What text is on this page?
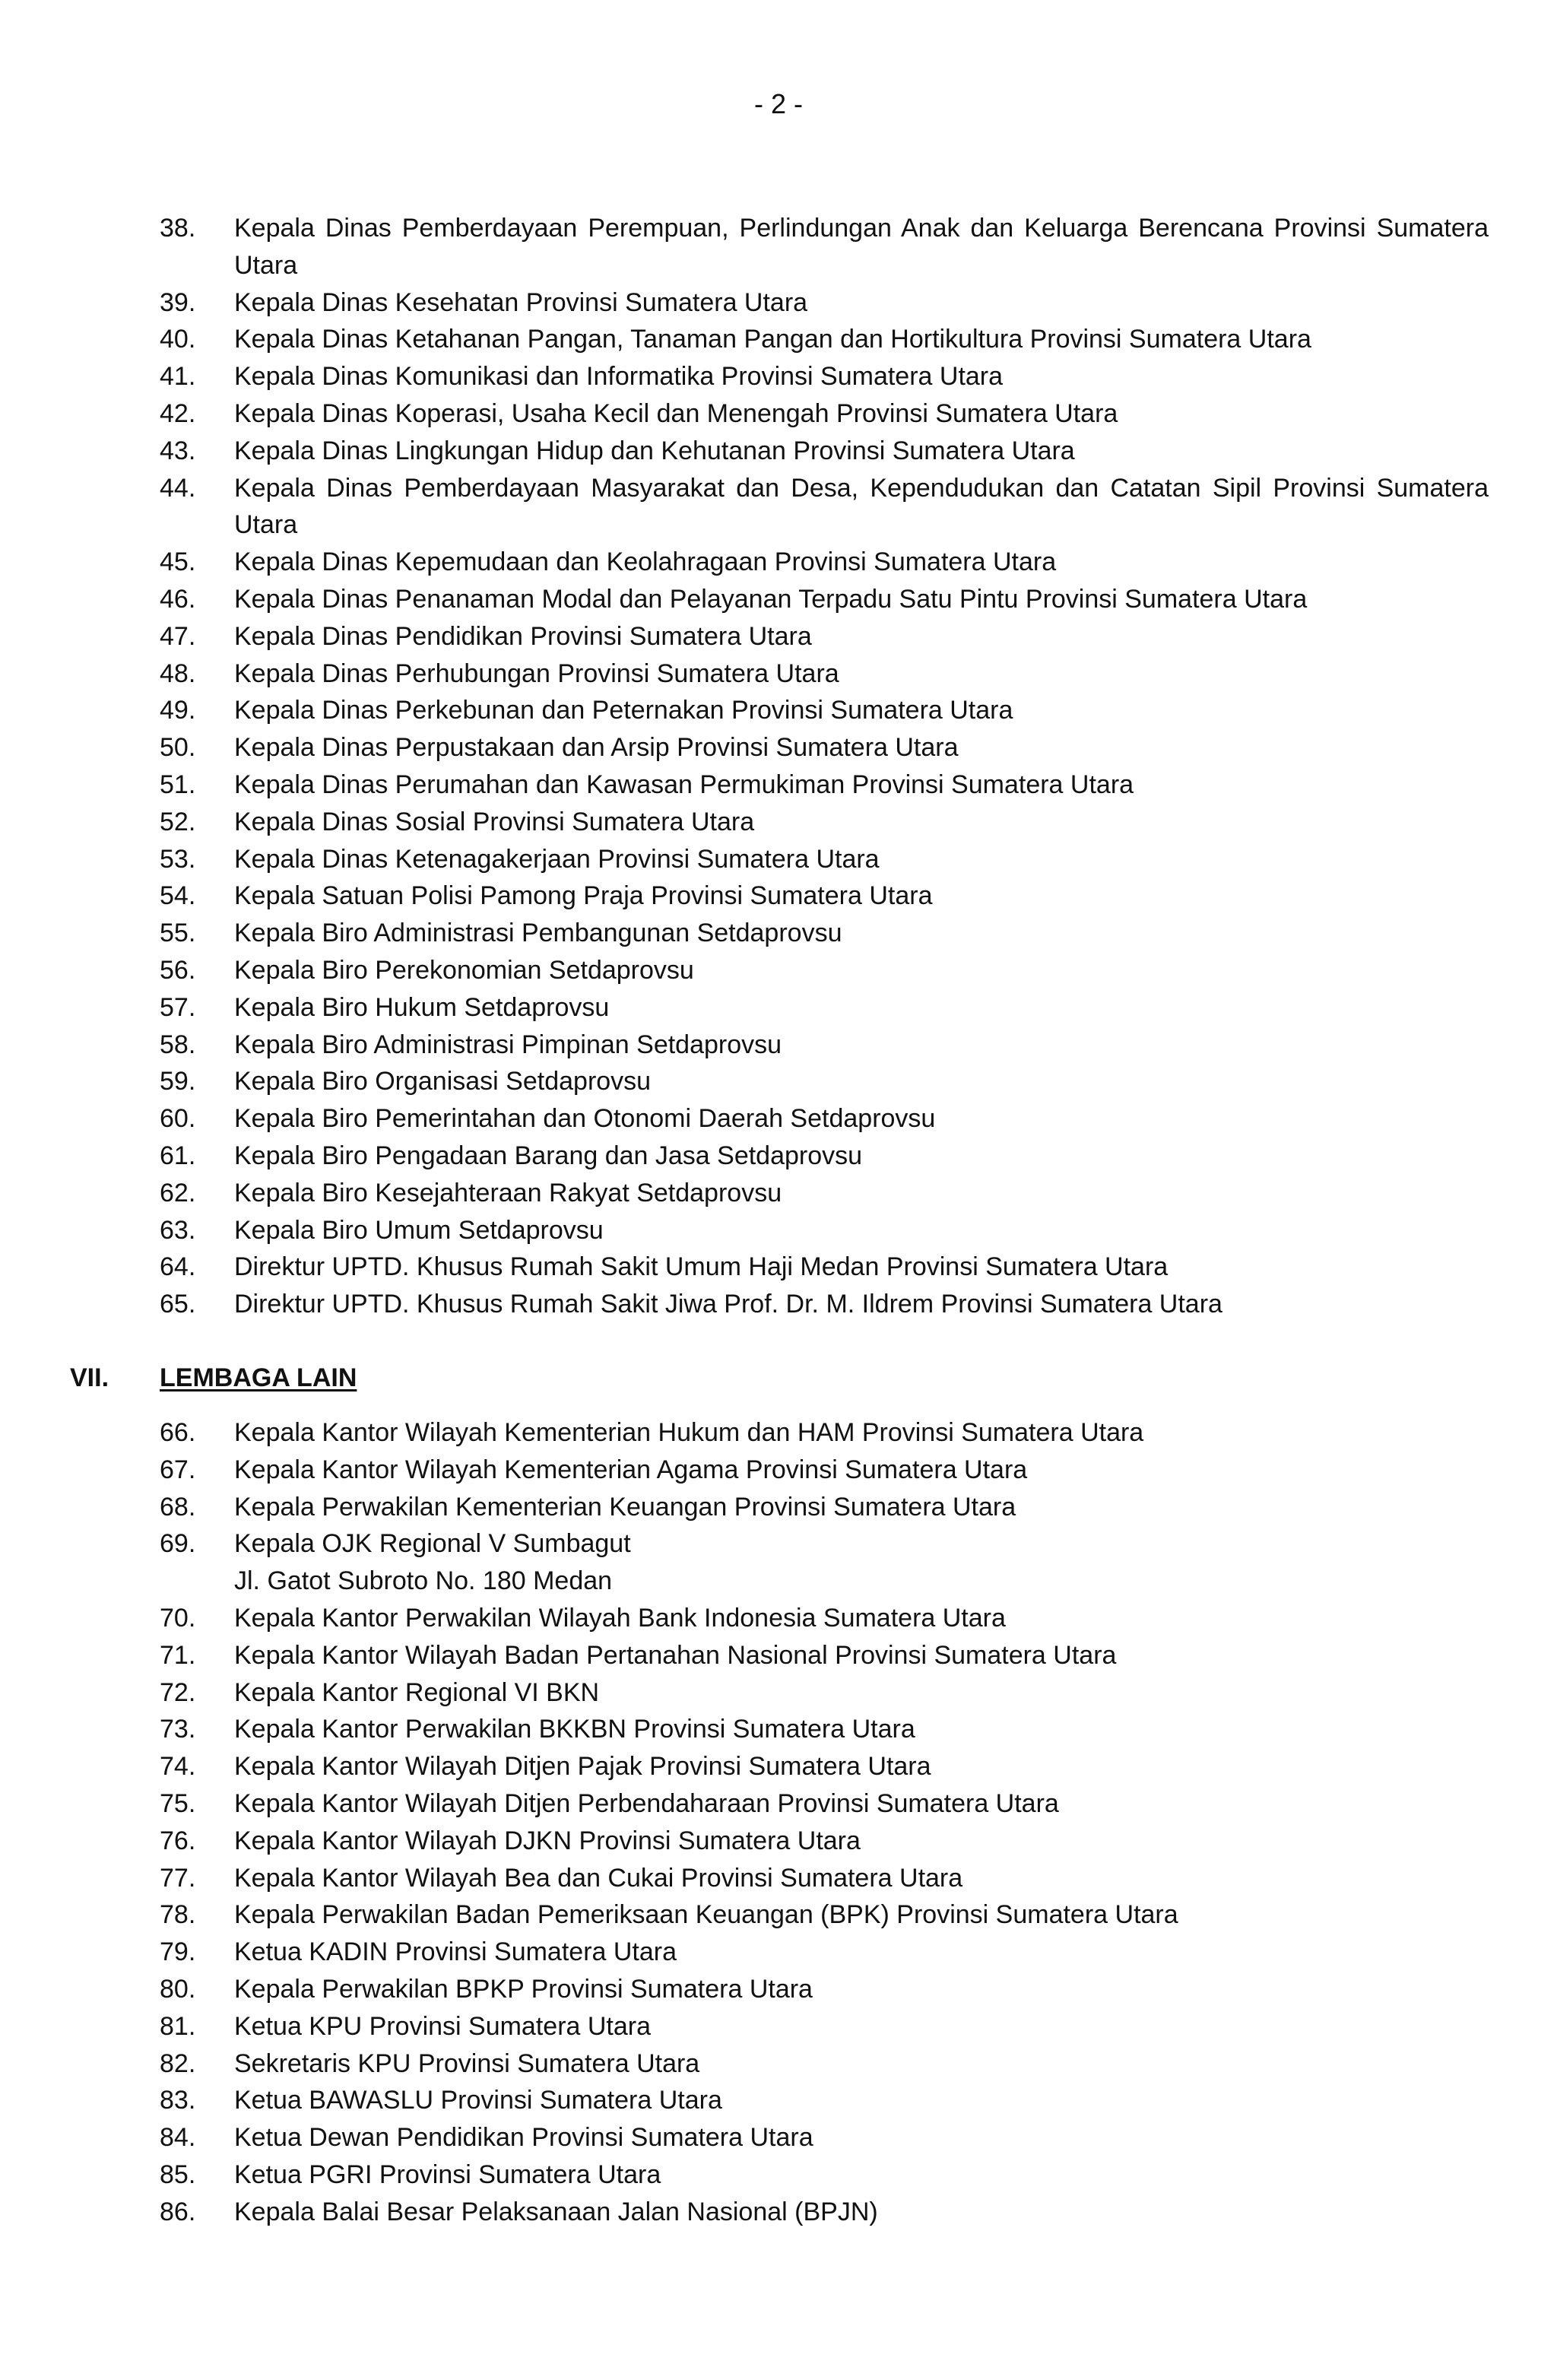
- 2 -
38.	Kepala Dinas Pemberdayaan Perempuan, Perlindungan Anak dan Keluarga Berencana Provinsi Sumatera Utara
39.	Kepala Dinas Kesehatan Provinsi Sumatera Utara
40.	Kepala Dinas Ketahanan Pangan, Tanaman Pangan dan Hortikultura Provinsi Sumatera Utara
41.	Kepala Dinas Komunikasi dan Informatika Provinsi Sumatera Utara
42.	Kepala Dinas Koperasi, Usaha Kecil dan Menengah Provinsi Sumatera Utara
43.	Kepala Dinas Lingkungan Hidup dan Kehutanan Provinsi Sumatera Utara
44.	Kepala Dinas Pemberdayaan Masyarakat dan Desa, Kependudukan dan Catatan Sipil Provinsi Sumatera Utara
45.	Kepala Dinas Kepemudaan dan Keolahragaan Provinsi Sumatera Utara
46.	Kepala Dinas Penanaman Modal dan Pelayanan Terpadu Satu Pintu Provinsi Sumatera Utara
47.	Kepala Dinas Pendidikan Provinsi Sumatera Utara
48.	Kepala Dinas Perhubungan Provinsi Sumatera Utara
49.	Kepala Dinas Perkebunan dan Peternakan Provinsi Sumatera Utara
50.	Kepala Dinas Perpustakaan dan Arsip Provinsi Sumatera Utara
51.	Kepala Dinas Perumahan dan Kawasan Permukiman Provinsi Sumatera Utara
52.	Kepala Dinas Sosial Provinsi Sumatera Utara
53.	Kepala Dinas Ketenagakerjaan Provinsi Sumatera Utara
54.	Kepala Satuan Polisi Pamong Praja Provinsi Sumatera Utara
55.	Kepala Biro Administrasi Pembangunan Setdaprovsu
56.	Kepala Biro Perekonomian Setdaprovsu
57.	Kepala Biro Hukum Setdaprovsu
58.	Kepala Biro Administrasi Pimpinan Setdaprovsu
59.	Kepala Biro Organisasi Setdaprovsu
60.	Kepala Biro Pemerintahan dan Otonomi Daerah Setdaprovsu
61.	Kepala Biro Pengadaan Barang dan Jasa Setdaprovsu
62.	Kepala Biro Kesejahteraan Rakyat Setdaprovsu
63.	Kepala Biro Umum Setdaprovsu
64.	Direktur UPTD. Khusus Rumah Sakit Umum Haji Medan Provinsi Sumatera Utara
65.	Direktur UPTD. Khusus Rumah Sakit Jiwa Prof. Dr. M. Ildrem Provinsi Sumatera Utara
VII.	LEMBAGA LAIN
66.	Kepala Kantor Wilayah Kementerian Hukum dan HAM Provinsi Sumatera Utara
67.	Kepala Kantor Wilayah Kementerian Agama Provinsi Sumatera Utara
68.	Kepala Perwakilan Kementerian Keuangan Provinsi Sumatera Utara
69.	Kepala OJK Regional V Sumbagut
Jl. Gatot Subroto No. 180 Medan
70.	Kepala Kantor Perwakilan Wilayah Bank Indonesia Sumatera Utara
71.	Kepala Kantor Wilayah Badan Pertanahan Nasional Provinsi Sumatera Utara
72.	Kepala Kantor Regional VI BKN
73.	Kepala Kantor Perwakilan BKKBN Provinsi Sumatera Utara
74.	Kepala Kantor Wilayah Ditjen Pajak Provinsi Sumatera Utara
75.	Kepala Kantor Wilayah Ditjen Perbendaharaan Provinsi Sumatera Utara
76.	Kepala Kantor Wilayah DJKN Provinsi Sumatera Utara
77.	Kepala Kantor Wilayah Bea dan Cukai Provinsi Sumatera Utara
78.	Kepala Perwakilan Badan Pemeriksaan Keuangan (BPK) Provinsi Sumatera Utara
79.	Ketua KADIN Provinsi Sumatera Utara
80.	Kepala Perwakilan BPKP Provinsi Sumatera Utara
81.	Ketua KPU Provinsi Sumatera Utara
82.	Sekretaris KPU Provinsi Sumatera Utara
83.	Ketua BAWASLU Provinsi Sumatera Utara
84.	Ketua Dewan Pendidikan Provinsi Sumatera Utara
85.	Ketua PGRI Provinsi Sumatera Utara
86.	Kepala Balai Besar Pelaksanaan Jalan Nasional (BPJN)
